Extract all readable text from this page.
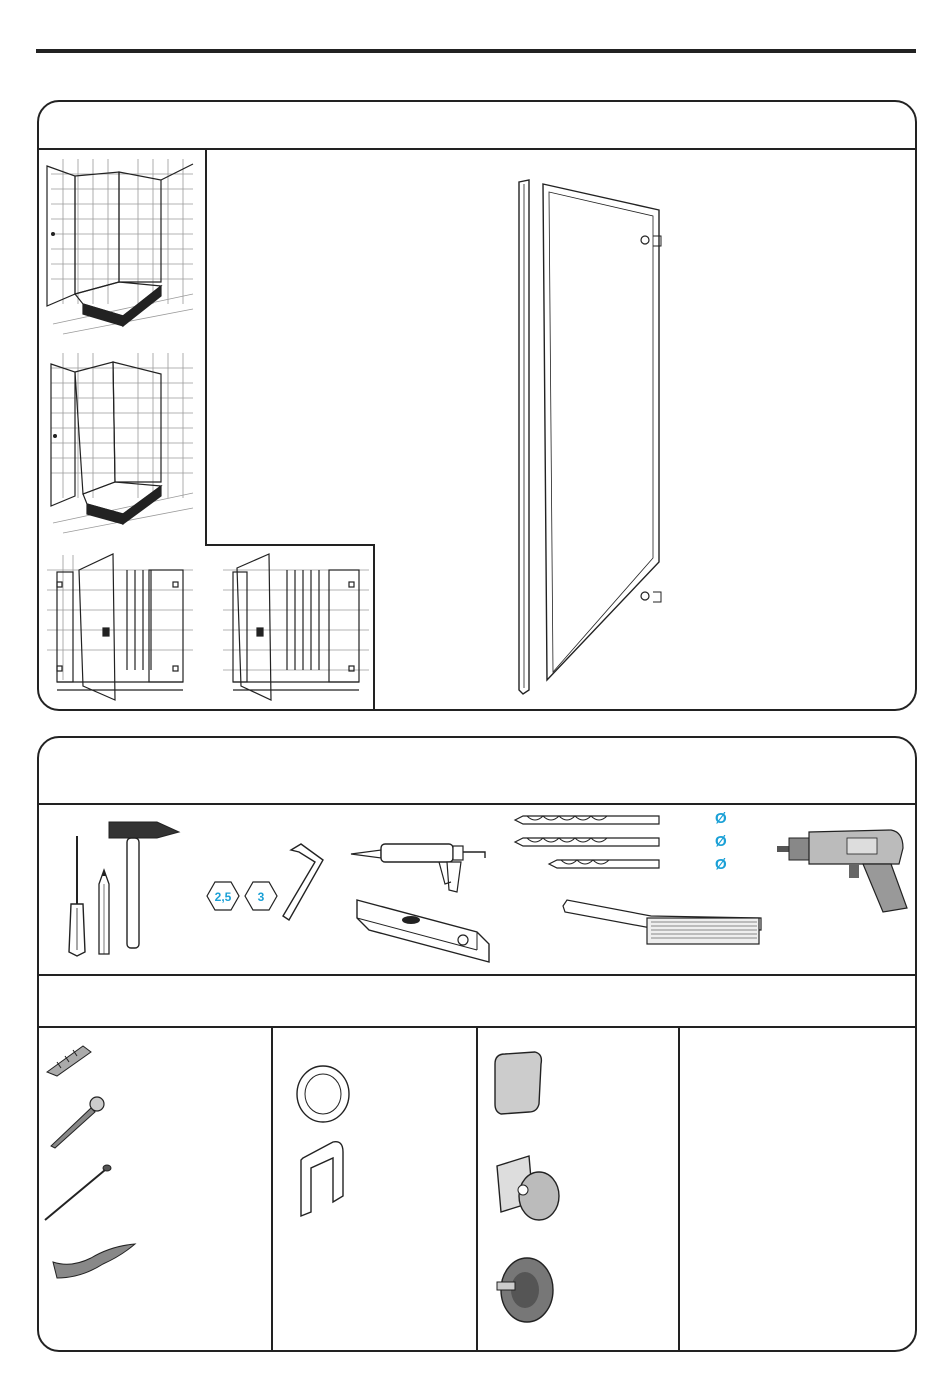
2,5 3
Ø
Ø
Ø
